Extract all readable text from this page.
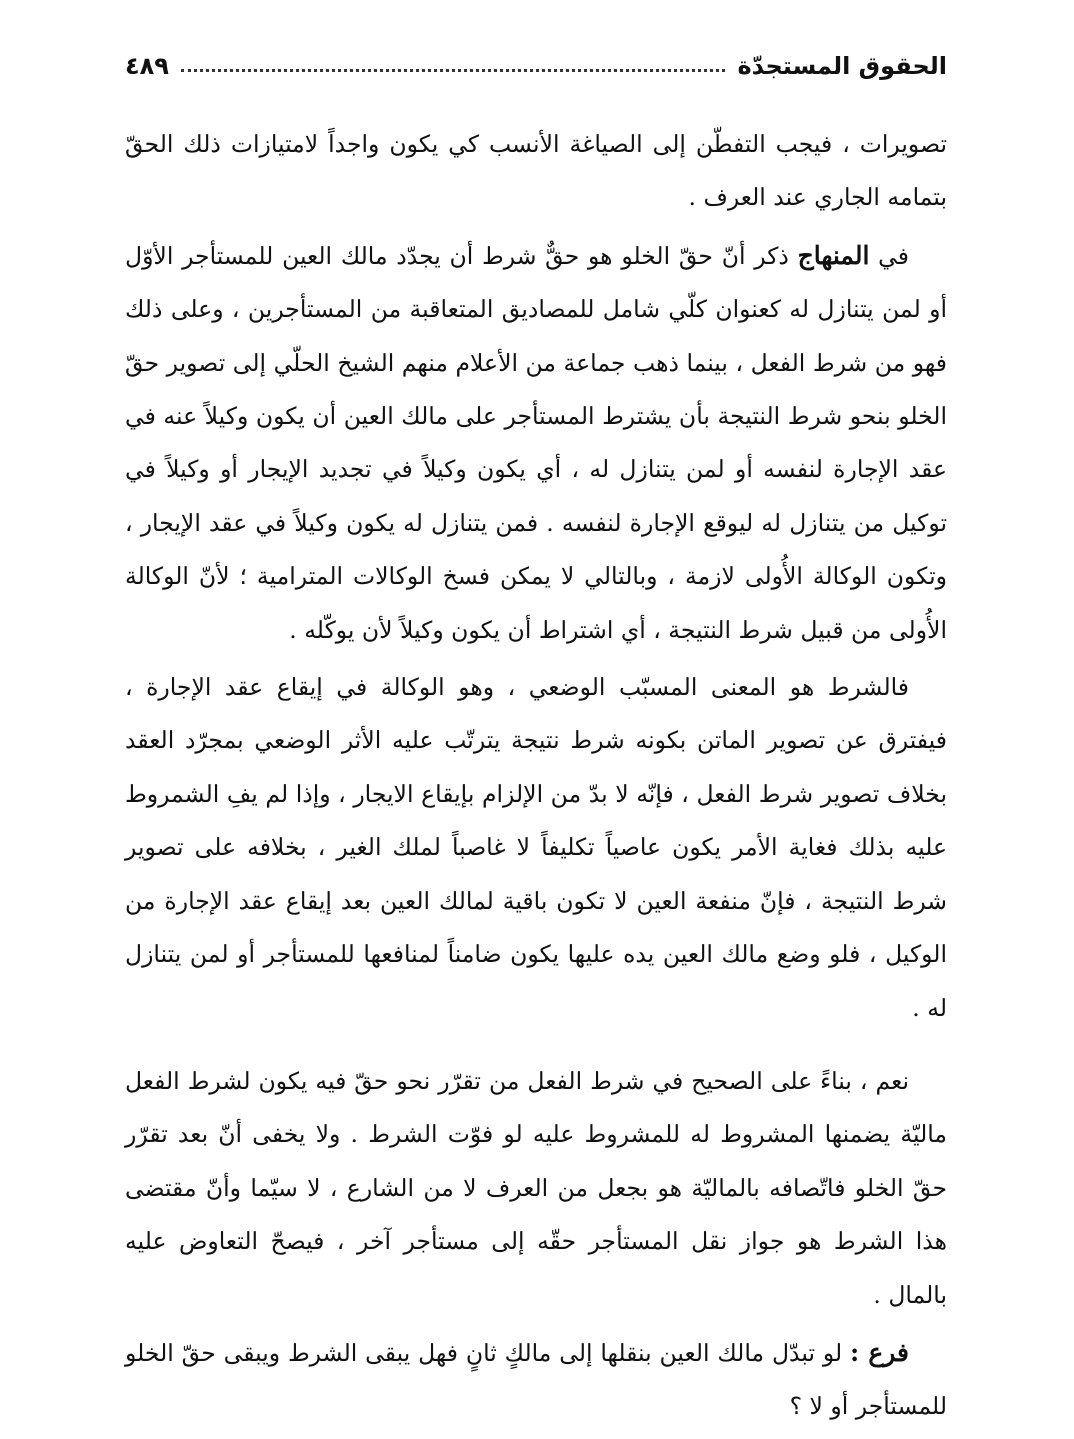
الحقوق المستجدّة
٤٨٩

تصويرات ، فيجب التفطّن إلى الصياغة الأنسب كي يكون واجداً لامتيازات ذلك الحقّ بتمامه الجاري عند العرف .

في المنهاج ذكر أنّ حقّ الخلو هو حقٌّ شرط أن يجدّد مالك العين للمستأجر الأوّل أو لمن يتنازل له كعنوان كلّي شامل للمصاديق المتعاقبة من المستأجرين ، وعلى ذلك فهو من شرط الفعل ، بينما ذهب جماعة من الأعلام منهم الشيخ الحلّي إلى تصوير حقّ الخلو بنحو شرط النتيجة بأن يشترط المستأجر على مالك العين أن يكون وكيلاً عنه في عقد الإجارة لنفسه أو لمن يتنازل له ، أي يكون وكيلاً في تجديد الإيجار أو وكيلاً في توكيل من يتنازل له ليوقع الإجارة لنفسه . فمن يتنازل له يكون وكيلاً في عقد الإيجار ، وتكون الوكالة الأُولى لازمة ، وبالتالي لا يمكن فسخ الوكالات المترامية ؛ لأنّ الوكالة الأُولى من قبيل شرط النتيجة ، أي اشتراط أن يكون وكيلاً لأن يوكّله .

فالشرط هو المعنى المسبّب الوضعي ، وهو الوكالة في إيقاع عقد الإجارة ، فيفترق عن تصوير الماتن بكونه شرط نتيجة يترتّب عليه الأثر الوضعي بمجرّد العقد بخلاف تصوير شرط الفعل ، فإنّه لا بدّ من الإلزام بإيقاع الايجار ، وإذا لم يفِ الشمروط عليه بذلك فغاية الأمر يكون عاصياً تكليفاً لا غاصباً لملك الغير ، بخلافه على تصوير شرط النتيجة ، فإنّ منفعة العين لا تكون باقية لمالك العين بعد إيقاع عقد الإجارة من الوكيل ، فلو وضع مالك العين يده عليها يكون ضامناً لمنافعها للمستأجر أو لمن يتنازل له .

نعم ، بناءً على الصحيح في شرط الفعل من تقرّر نحو حقّ فيه يكون لشرط الفعل ماليّة يضمنها المشروط له للمشروط عليه لو فوّت الشرط . ولا يخفى أنّ بعد تقرّر حقّ الخلو فاتّصافه بالماليّة هو بجعل من العرف لا من الشارع ، لا سيّما وأنّ مقتضى هذا الشرط هو جواز نقل المستأجر حقّه إلى مستأجر آخر ، فيصحّ التعاوض عليه بالمال .

فرع : لو تبدّل مالك العين بنقلها إلى مالكٍ ثانٍ فهل يبقى الشرط ويبقى حقّ الخلو للمستأجر أو لا ؟
